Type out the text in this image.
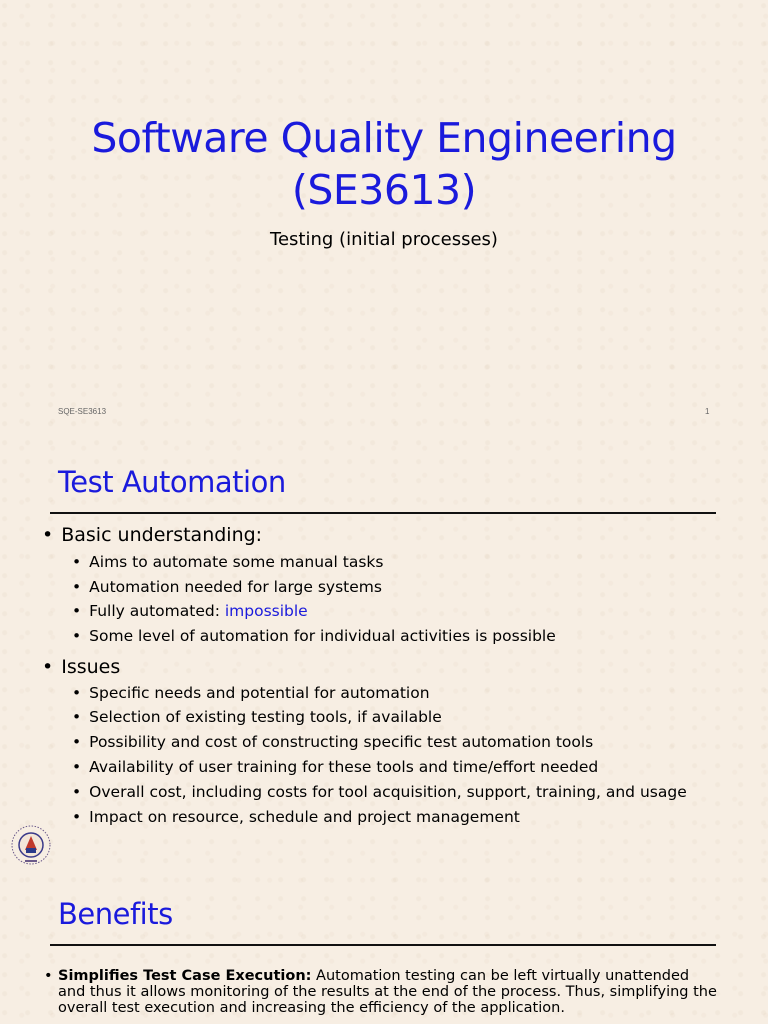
Software Quality Engineering
(SE3613)
Testing (initial processes)
SQE-SE3613	1
Test Automation
• Basic understanding:
• Aims to automate some manual tasks
• Automation needed for large systems
• Fully automated: impossible
• Some level of automation for individual activities is possible
• Issues
• Specific needs and potential for automation
• Selection of existing testing tools, if available
• Possibility and cost of constructing specific test automation tools
• Availability of user training for these tools and time/effort needed
• Overall cost, including costs for tool acquisition, support, training, and usage
• Impact on resource, schedule and project management
Benefits
• Simplifies Test Case Execution: Automation testing can be left virtually unattended and thus it allows monitoring of the results at the end of the process. Thus, simplifying the overall test execution and increasing the efficiency of the application.
